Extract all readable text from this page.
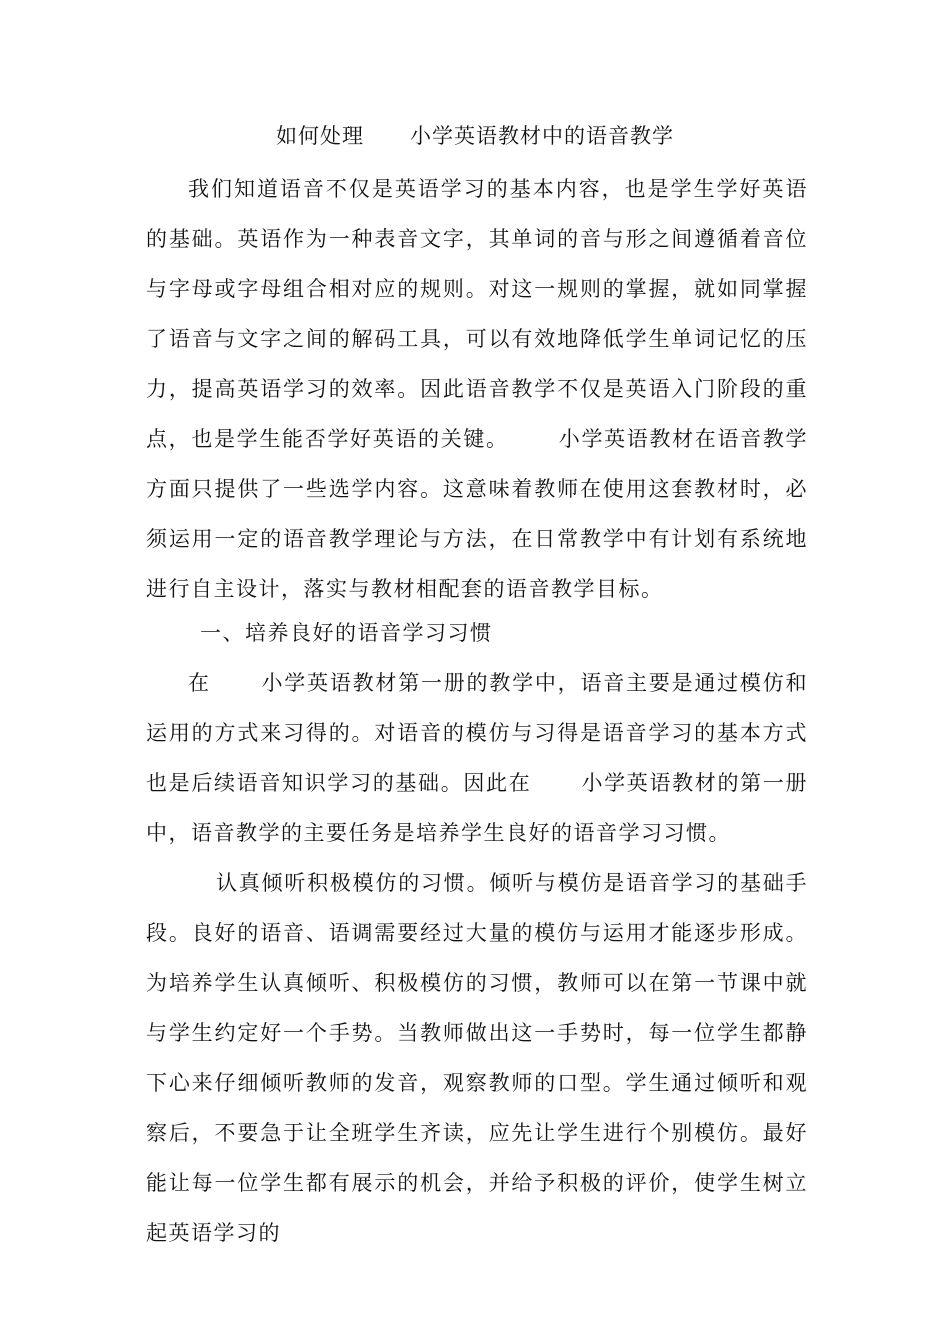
如何处理      小学英语教材中的语音教学
我们知道语音不仅是英语学习的基本内容，也是学生学好英语的基础。英语作为一种表音文字，其单词的音与形之间遵循着音位与字母或字母组合相对应的规则。对这一规则的掌握，就如同掌握了语音与文字之间的解码工具，可以有效地降低学生单词记忆的压力，提高英语学习的效率。因此语音教学不仅是英语入门阶段的重点，也是学生能否学好英语的关键。      小学英语教材在语音教学方面只提供了一些选学内容。这意味着教师在使用这套教材时，必须运用一定的语音教学理论与方法，在日常教学中有计划有系统地进行自主设计，落实与教材相配套的语音教学目标。
一、培养良好的语音学习习惯
在      小学英语教材第一册的教学中，语音主要是通过模仿和运用的方式来习得的。对语音的模仿与习得是语音学习的基本方式也是后续语音知识学习的基础。因此在      小学英语教材的第一册中，语音教学的主要任务是培养学生良好的语音学习习惯。
认真倾听积极模仿的习惯。倾听与模仿是语音学习的基础手段。良好的语音、语调需要经过大量的模仿与运用才能逐步形成。为培养学生认真倾听、积极模仿的习惯，教师可以在第一节课中就与学生约定好一个手势。当教师做出这一手势时，每一位学生都静下心来仔细倾听教师的发音，观察教师的口型。学生通过倾听和观察后，不要急于让全班学生齐读，应先让学生进行个别模仿。最好能让每一位学生都有展示的机会，并给予积极的评价，使学生树立起英语学习的
